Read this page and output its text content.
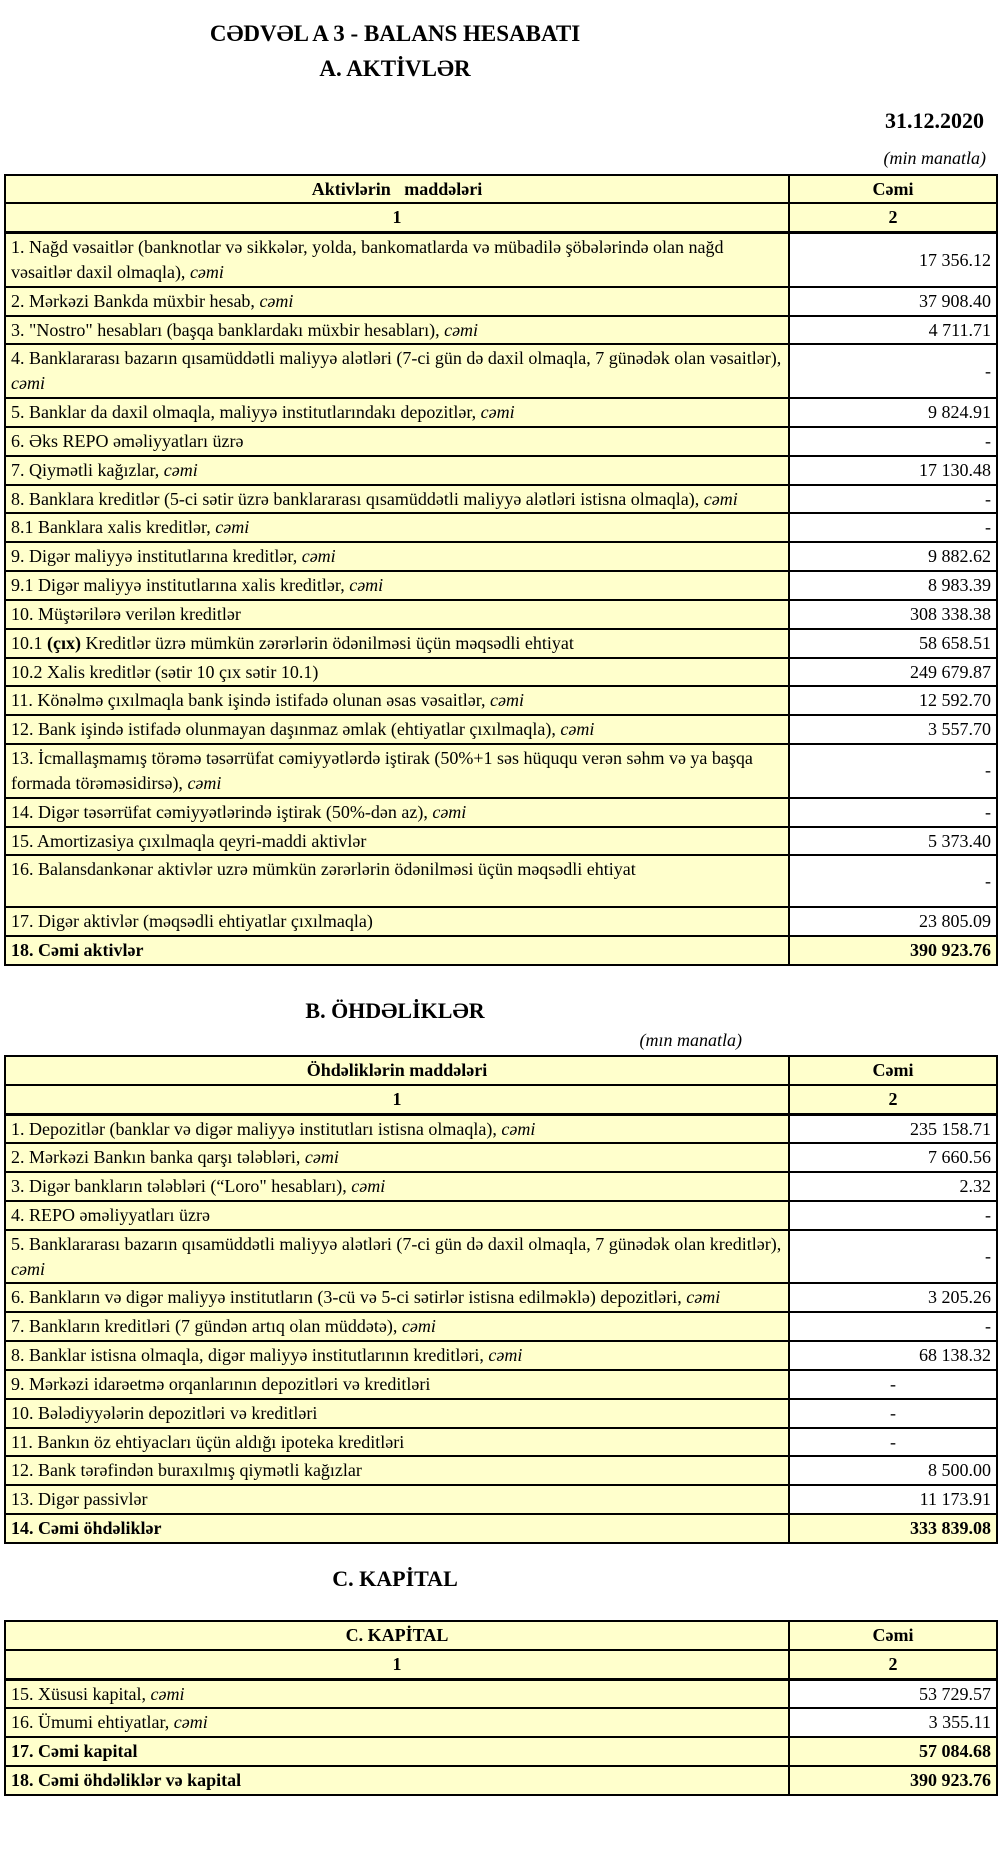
CƏDVƏL A 3 - BALANS HESABATI
A. AKTİVLƏR
31.12.2020
(min manatla)
Aktivlərin   maddələri	Cəmi
1	2
1. Nağd vəsaitlər (banknotlar və sikkələr, yolda, bankomatlarda və mübadilə şöbələrində olan nağd vəsaitlər daxil olmaqla), cəmi	17 356.12
2. Mərkəzi Bankda müxbir hesab, cəmi	37 908.40
3. "Nostro" hesabları (başqa banklardakı müxbir hesabları), cəmi	4 711.71
4. Banklararası bazarın qısamüddətli maliyyə alətləri (7-ci gün də daxil olmaqla, 7 günədək olan vəsaitlər), cəmi	-
5. Banklar da daxil olmaqla, maliyyə institutlarındakı depozitlər, cəmi	9 824.91
6. Əks REPO əməliyyatları üzrə	-
7. Qiymətli kağızlar, cəmi	17 130.48
8. Banklara kreditlər (5-ci sətir üzrə banklararası qısamüddətli maliyyə alətləri istisna olmaqla), cəmi	-
8.1 Banklara xalis kreditlər, cəmi	-
9. Digər maliyyə institutlarına kreditlər, cəmi	9 882.62
9.1 Digər maliyyə institutlarına xalis kreditlər, cəmi	8 983.39
10. Müştərilərə verilən kreditlər	308 338.38
10.1 (çıx) Kreditlər üzrə mümkün zərərlərin ödənilməsi üçün məqsədli ehtiyat	58 658.51
10.2 Xalis kreditlər (sətir 10 çıx sətir 10.1)	249 679.87
11. Könəlmə çıxılmaqla bank işində istifadə olunan əsas vəsaitlər, cəmi	12 592.70
12. Bank işində istifadə olunmayan daşınmaz əmlak (ehtiyatlar çıxılmaqla), cəmi	3 557.70
13. İcmallaşmamış törəmə təsərrüfat cəmiyyətlərdə iştirak (50%+1 səs hüququ verən səhm və ya başqa formada törəməsidirsə), cəmi	-
14. Digər təsərrüfat cəmiyyətlərində iştirak (50%-dən az), cəmi	-
15. Amortizasiya çıxılmaqla qeyri-maddi aktivlər	5 373.40
16. Balansdankənar aktivlər uzrə mümkün zərərlərin ödənilməsi üçün məqsədli ehtiyat	-
17. Digər aktivlər (məqsədli ehtiyatlar çıxılmaqla)	23 805.09
18. Cəmi aktivlər	390 923.76
B. ÖHDƏLİKLƏR
(mın manatla)
Öhdəliklərin maddələri	Cəmi
1	2
1. Depozitlər (banklar və digər maliyyə institutları istisna olmaqla), cəmi	235 158.71
2. Mərkəzi Bankın banka qarşı tələbləri, cəmi	7 660.56
3. Digər bankların tələbləri (“Loro" hesabları), cəmi	2.32
4. REPO əməliyyatları üzrə	-
5. Banklararası bazarın qısamüddətli maliyyə alətləri (7-ci gün də daxil olmaqla, 7 günədək olan kreditlər), cəmi	-
6. Bankların və digər maliyyə institutların (3-cü və 5-ci sətirlər istisna edilməklə) depozitləri, cəmi	3 205.26
7. Bankların kreditləri (7 gündən artıq olan müddətə), cəmi	-
8. Banklar istisna olmaqla, digər maliyyə institutlarının kreditləri, cəmi	68 138.32
9. Mərkəzi idarəetmə orqanlarının depozitləri və kreditləri	-
10. Bələdiyyələrin depozitləri və kreditləri	-
11. Bankın öz ehtiyacları üçün aldığı ipoteka kreditləri	-
12. Bank tərəfindən buraxılmış qiymətli kağızlar	8 500.00
13. Digər passivlər	11 173.91
14. Cəmi öhdəliklər	333 839.08
C. KAPİTAL
C. KAPİTAL	Cəmi
1	2
15. Xüsusi kapital, cəmi	53 729.57
16. Ümumi ehtiyatlar, cəmi	3 355.11
17. Cəmi kapital	57 084.68
18. Cəmi öhdəliklər və kapital	390 923.76
